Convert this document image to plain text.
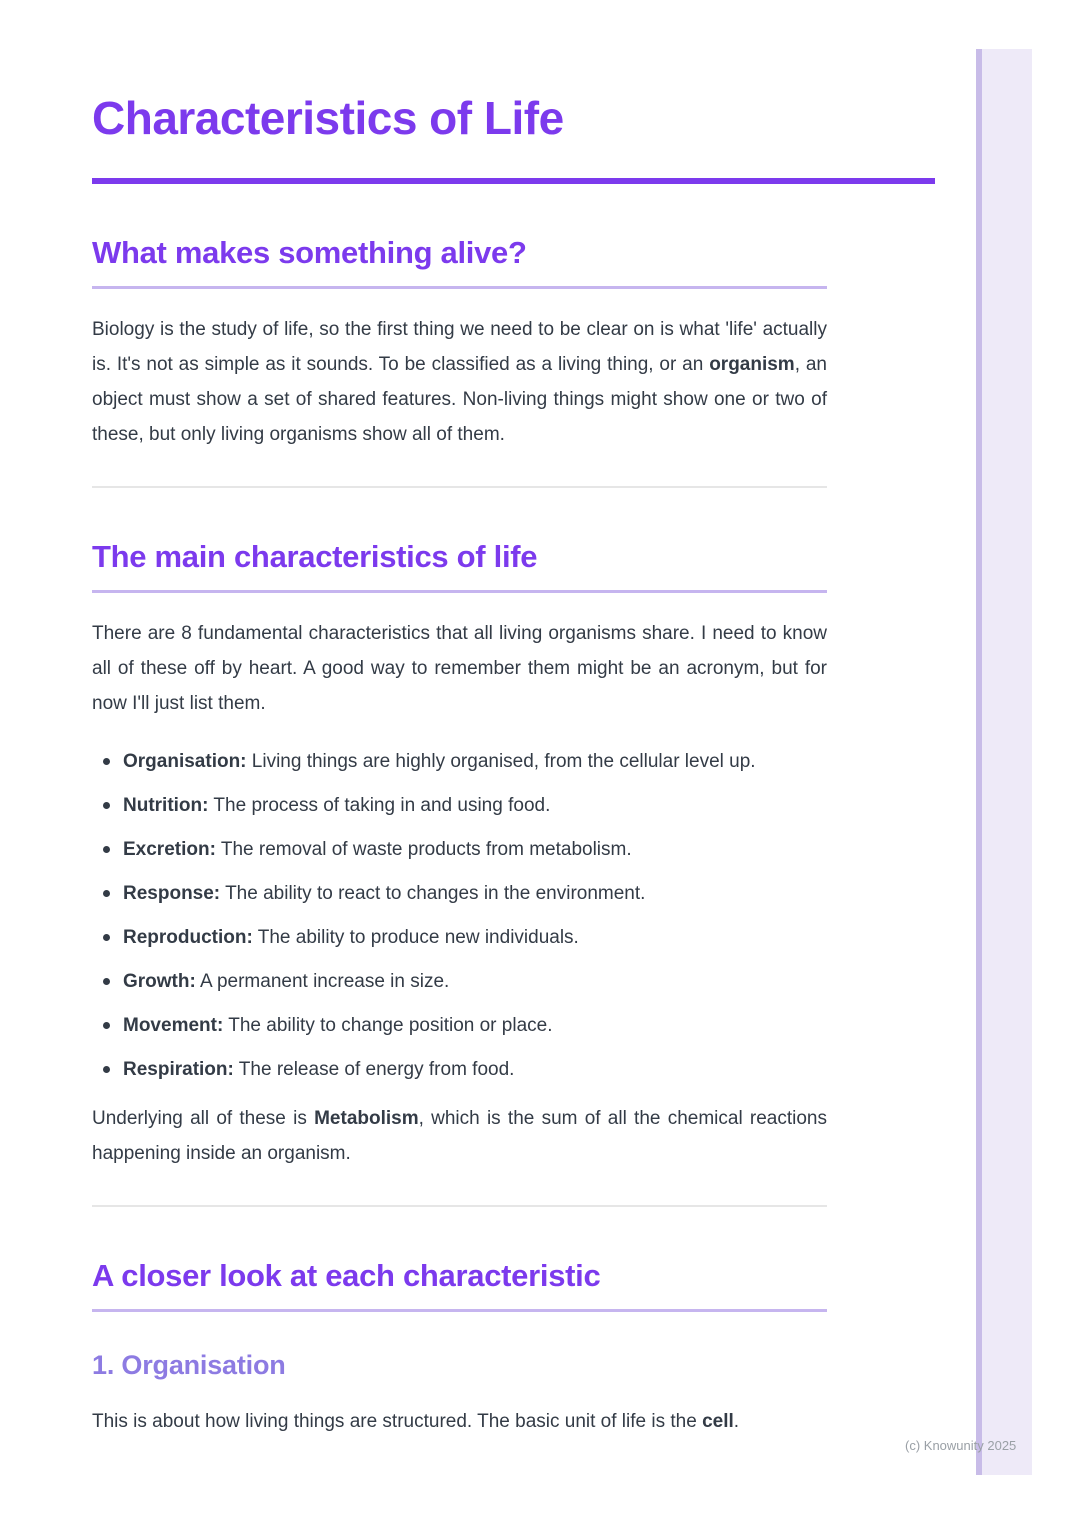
Characteristics of Life
What makes something alive?

Biology is the study of life, so the first thing we need to be clear on is what 'life' actually is. It's not as simple as it sounds. To be classified as a living thing, or an organism, an object must show a set of shared features. Non-living things might show one or two of these, but only living organisms show all of them.

The main characteristics of life

There are 8 fundamental characteristics that all living organisms share. I need to know all of these off by heart. A good way to remember them might be an acronym, but for now I'll just list them.

Organisation: Living things are highly organised, from the cellular level up.
Nutrition: The process of taking in and using food.
Excretion: The removal of waste products from metabolism.
Response: The ability to react to changes in the environment.
Reproduction: The ability to produce new individuals.
Growth: A permanent increase in size.
Movement: The ability to change position or place.
Respiration: The release of energy from food.

Underlying all of these is Metabolism, which is the sum of all the chemical reactions happening inside an organism.

A closer look at each characteristic
1. Organisation

This is about how living things are structured. The basic unit of life is the cell.

(c) Knowunity 2025
